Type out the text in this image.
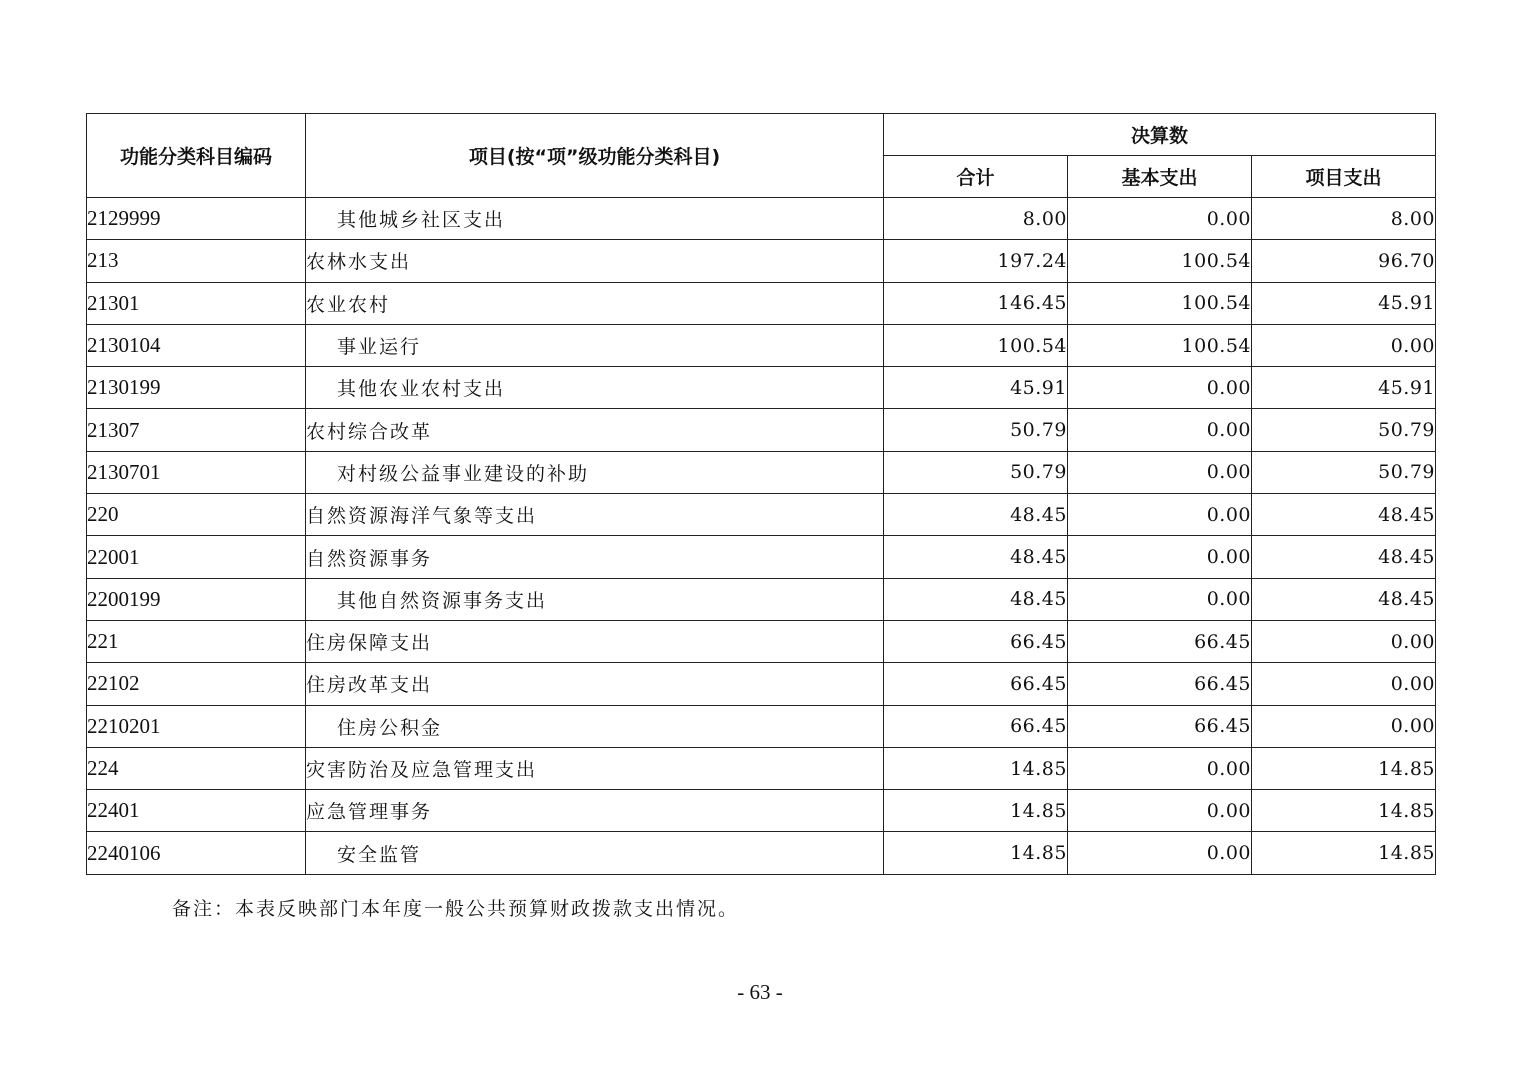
功能分类科目编码	项目(按“项”级功能分类科目)	决算数		
		合计	基本支出	项目支出
2129999	其他城乡社区支出	8.00	0.00	8.00
213	农林水支出	197.24	100.54	96.70
21301	农业农村	146.45	100.54	45.91
2130104	事业运行	100.54	100.54	0.00
2130199	其他农业农村支出	45.91	0.00	45.91
21307	农村综合改革	50.79	0.00	50.79
2130701	对村级公益事业建设的补助	50.79	0.00	50.79
220	自然资源海洋气象等支出	48.45	0.00	48.45
22001	自然资源事务	48.45	0.00	48.45
2200199	其他自然资源事务支出	48.45	0.00	48.45
221	住房保障支出	66.45	66.45	0.00
22102	住房改革支出	66.45	66.45	0.00
2210201	住房公积金	66.45	66.45	0.00
224	灾害防治及应急管理支出	14.85	0.00	14.85
22401	应急管理事务	14.85	0.00	14.85
2240106	安全监管	14.85	0.00	14.85
备注：本表反映部门本年度一般公共预算财政拨款支出情况。
- 63 -
